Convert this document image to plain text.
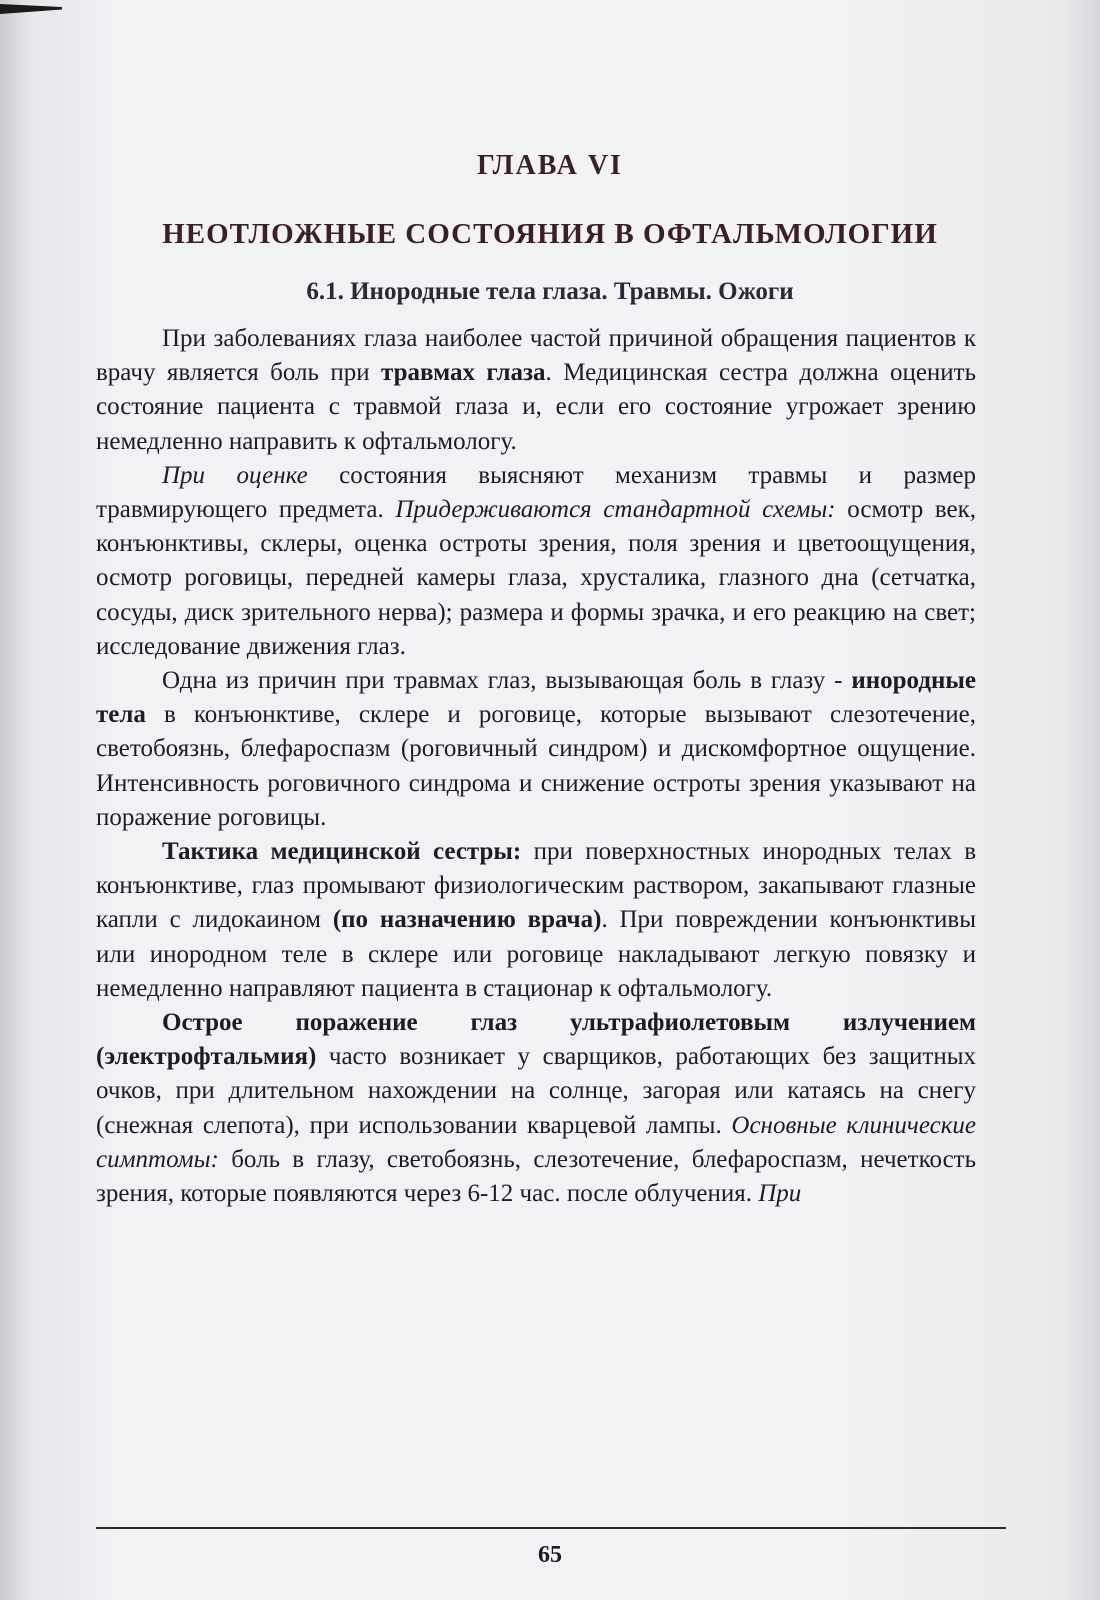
ГЛАВА VI
НЕОТЛОЖНЫЕ СОСТОЯНИЯ В ОФТАЛЬМОЛОГИИ
6.1. Инородные тела глаза. Травмы. Ожоги

При заболеваниях глаза наиболее частой причиной обращения пациентов к врачу является боль при травмах глаза. Медицинская сестра должна оценить состояние пациента с травмой глаза и, если его состояние угрожает зрению немедленно направить к офтальмологу.

При оценке состояния выясняют механизм травмы и размер травмирующего предмета. Придерживаются стандартной схемы: осмотр век, конъюнктивы, склеры, оценка остроты зрения, поля зрения и цветоощущения, осмотр роговицы, передней камеры глаза, хрусталика, глазного дна (сетчатка, сосуды, диск зрительного нерва); размера и формы зрачка, и его реакцию на свет; исследование движения глаз.

Одна из причин при травмах глаз, вызывающая боль в глазу - инородные тела в конъюнктиве, склере и роговице, которые вызывают слезотечение, светобоязнь, блефароспазм (роговичный синдром) и дискомфортное ощущение. Интенсивность роговичного синдрома и снижение остроты зрения указывают на поражение роговицы.

Тактика медицинской сестры: при поверхностных инородных телах в конъюнктиве, глаз промывают физиологическим раствором, закапывают глазные капли с лидокаином (по назначению врача). При повреждении конъюнктивы или инородном теле в склере или роговице накладывают легкую повязку и немедленно направляют пациента в стационар к офтальмологу.

Острое поражение глаз ультрафиолетовым излучением (электрофтальмия) часто возникает у сварщиков, работающих без защитных очков, при длительном нахождении на солнце, загорая или катаясь на снегу (снежная слепота), при использовании кварцевой лампы. Основные клинические симптомы: боль в глазу, светобоязнь, слезотечение, блефароспазм, нечеткость зрения, которые появляются через 6-12 час. после облучения. При

65
